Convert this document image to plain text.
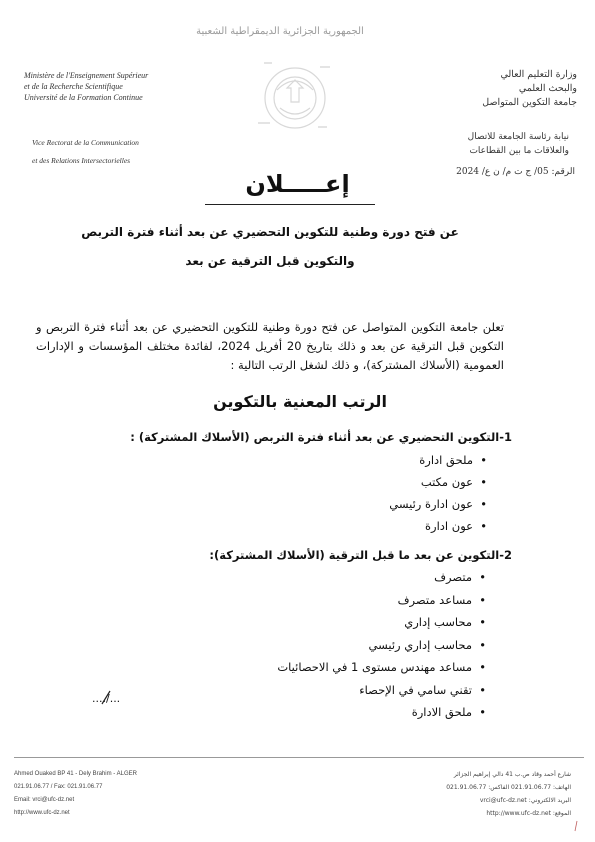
الجمهورية الجزائرية الديمقراطية الشعبية
Ministère de l'Enseignement Supérieur
et de la Recherche Scientifique
Université de la Formation Continue
Vice Rectorat de la Communication
et des Relations Intersectorielles
وزارة التعليم العالي
والبحث العلمي
جامعة التكوين المتواصل
نيابة رئاسة الجامعة للاتصال
والعلاقات ما بين القطاعات
الرقم: 05/ ج ت م/ ن ع/ 2024
إعـــــلان
عن فتح دورة وطنية للتكوين التحضيري عن بعد أثناء فترة التربص
والتكوين قبل الترقية عن بعد
تعلن جامعة التكوين المتواصل عن فتح دورة وطنية للتكوين التحضيري عن بعد أثناء فترة التربص و التكوين قبل الترقية عن بعد و ذلك بتاريخ 20 أفريل 2024، لفائدة مختلف المؤسسات و الإدارات العمومية (الأسلاك المشتركة)، و ذلك لشغل الرتب التالية :
الرتب المعنية بالتكوين
1-التكوين التحضيري عن بعد أثناء فترة التربص (الأسلاك المشتركة) :
• ملحق ادارة
• عون مكتب
• عون ادارة رئيسي
• عون ادارة
2-التكوين عن بعد ما قبل الترقية (الأسلاك المشتركة):
• متصرف
• مساعد متصرف
• محاسب إداري
• محاسب إداري رئيسي
• مساعد مهندس مستوى 1 في الاحصائيات
• تقني سامي في الإحصاء
• ملحق الادارة
..../...
Ahmed Ouaked BP 41 - Dely Brahim - ALGER
021.91.06.77 / Fax: 021.91.06.77
Email: vrci@ufc-dz.net
http://www.ufc-dz.net
شارع أحمد وقاد ص.ب 41 دالي إبراهيم الجزائر
الهاتف: 021.91.06.77 الفاكس: 021.91.06.77
البريد الالكتروني: vrci@ufc-dz.net
الموقع: http://www.ufc-dz.net
